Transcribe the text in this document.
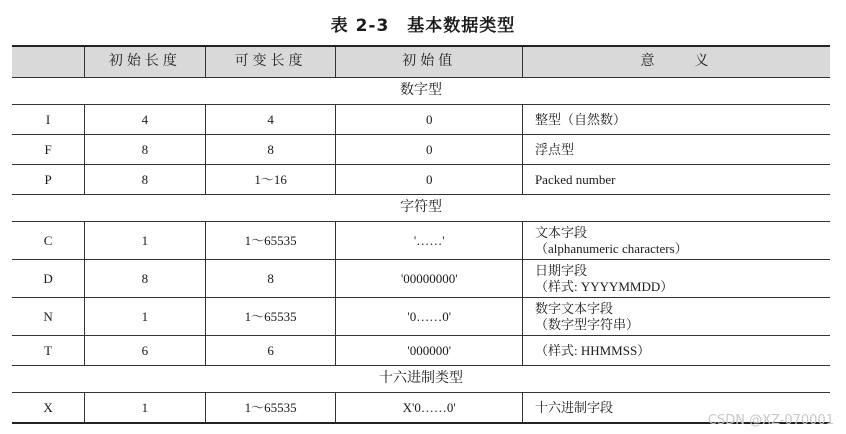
表 2-3　基本数据类型
	初始长度	可变长度	初始值	意　　义
数字型				
I	4	4	0	整型（自然数）

F	8	8	0	浮点型

P	8	1～16	0	Packed number

字符型				
C	1	1～65535	'……'	文本字段
（alphanumeric characters）

D	8	8	'00000000'	日期字段
（样式: YYYYMMDD）

N	1	1～65535	'0……0'	数字文本字段
（数字型字符串）

T	6	6	'000000'	（样式: HHMMSS）

十六进制类型				
X	1	1～65535	X'0……0'	十六进制字段
CSDN @XZ-070001
